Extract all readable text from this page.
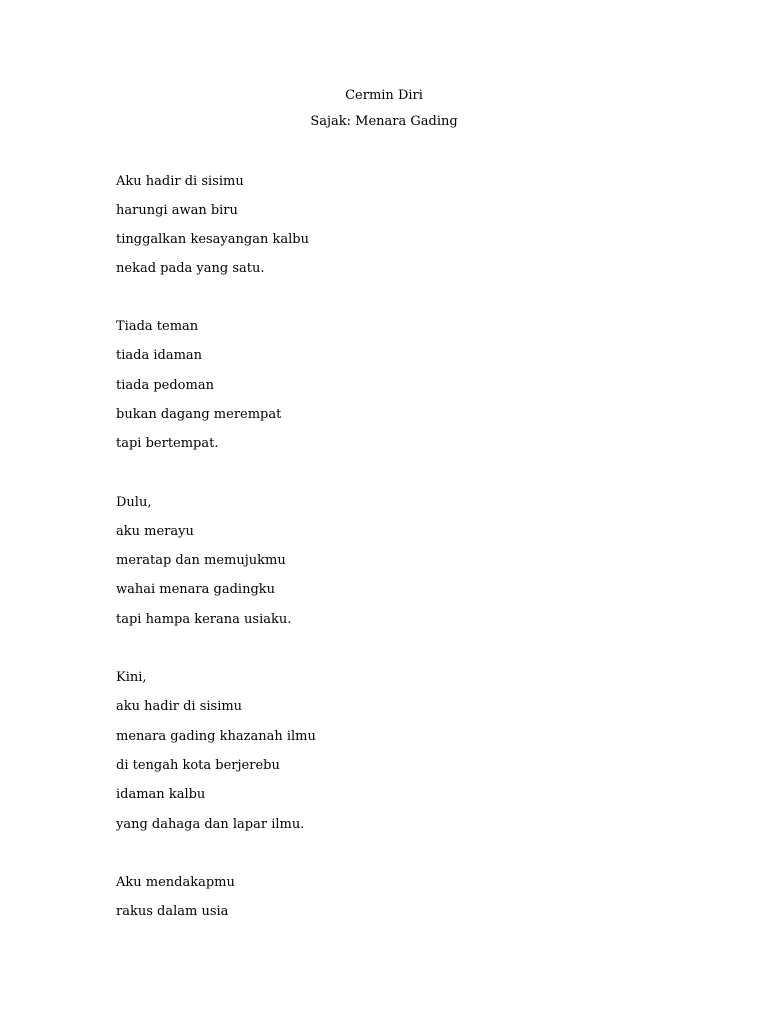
Cermin Diri
Sajak: Menara Gading
Aku hadir di sisimu
harungi awan biru
tinggalkan kesayangan kalbu
nekad pada yang satu.
Tiada teman
tiada idaman
tiada pedoman
bukan dagang merempat
tapi bertempat.
Dulu,
aku merayu
meratap dan memujukmu
wahai menara gadingku
tapi hampa kerana usiaku.
Kini,
aku hadir di sisimu
menara gading khazanah ilmu
di tengah kota berjerebu
idaman kalbu
yang dahaga dan lapar ilmu.
Aku mendakapmu
rakus dalam usia
